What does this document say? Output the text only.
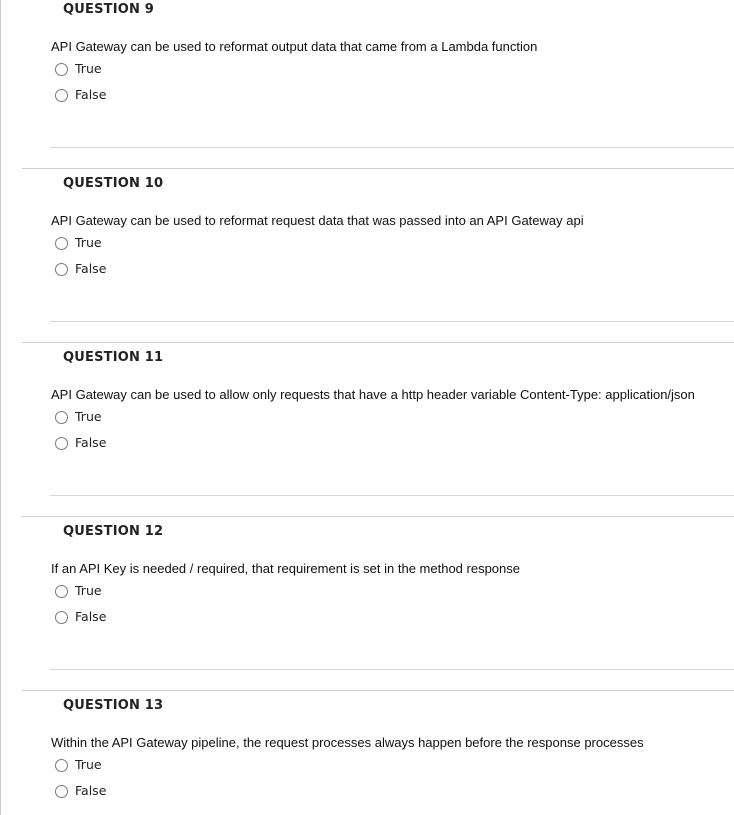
QUESTION 9
API Gateway can be used to reformat output data that came from a Lambda function
True
False
QUESTION 10
API Gateway can be used to reformat request data that was passed into an API Gateway api
True
False
QUESTION 11
API Gateway can be used to allow only requests that have a http header variable Content-Type: application/json
True
False
QUESTION 12
If an API Key is needed / required, that requirement is set in the method response
True
False
QUESTION 13
Within the API Gateway pipeline, the request processes always happen before the response processes
True
False
